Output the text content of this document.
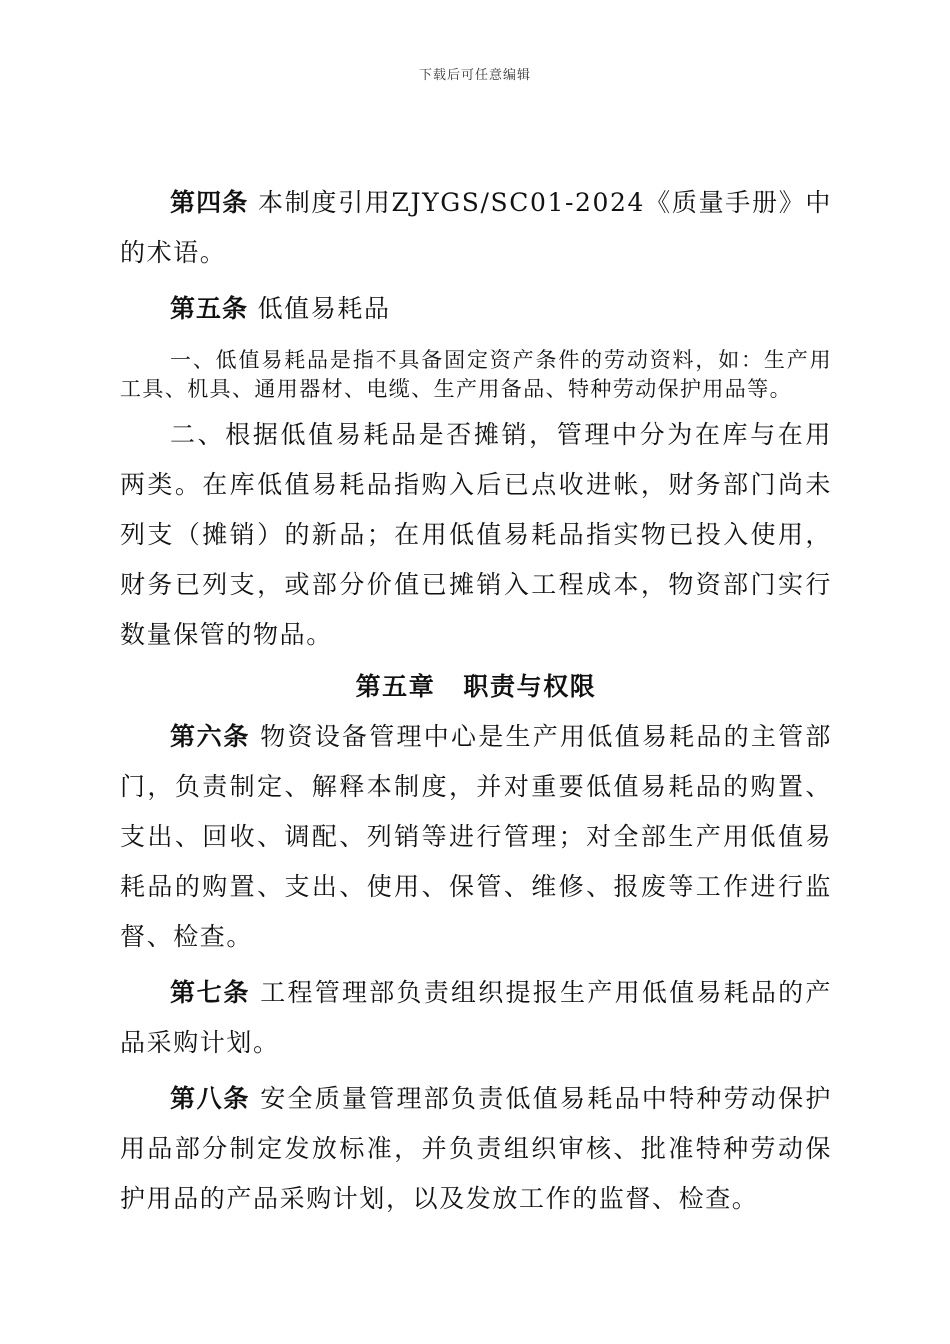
下载后可任意编辑

第四条 本制度引用ZJYGS/SC01-2024《质量手册》中的术语。

第五条 低值易耗品

一、低值易耗品是指不具备固定资产条件的劳动资料，如：生产用工具、机具、通用器材、电缆、生产用备品、特种劳动保护用品等。

二、根据低值易耗品是否摊销，管理中分为在库与在用两类。在库低值易耗品指购入后已点收进帐，财务部门尚未列支（摊销）的新品；在用低值易耗品指实物已投入使用，财务已列支，或部分价值已摊销入工程成本，物资部门实行数量保管的物品。

第五章 职责与权限

第六条 物资设备管理中心是生产用低值易耗品的主管部门，负责制定、解释本制度，并对重要低值易耗品的购置、支出、回收、调配、列销等进行管理；对全部生产用低值易耗品的购置、支出、使用、保管、维修、报废等工作进行监督、检查。

第七条 工程管理部负责组织提报生产用低值易耗品的产品采购计划。

第八条 安全质量管理部负责低值易耗品中特种劳动保护用品部分制定发放标准，并负责组织审核、批准特种劳动保护用品的产品采购计划，以及发放工作的监督、检查。
